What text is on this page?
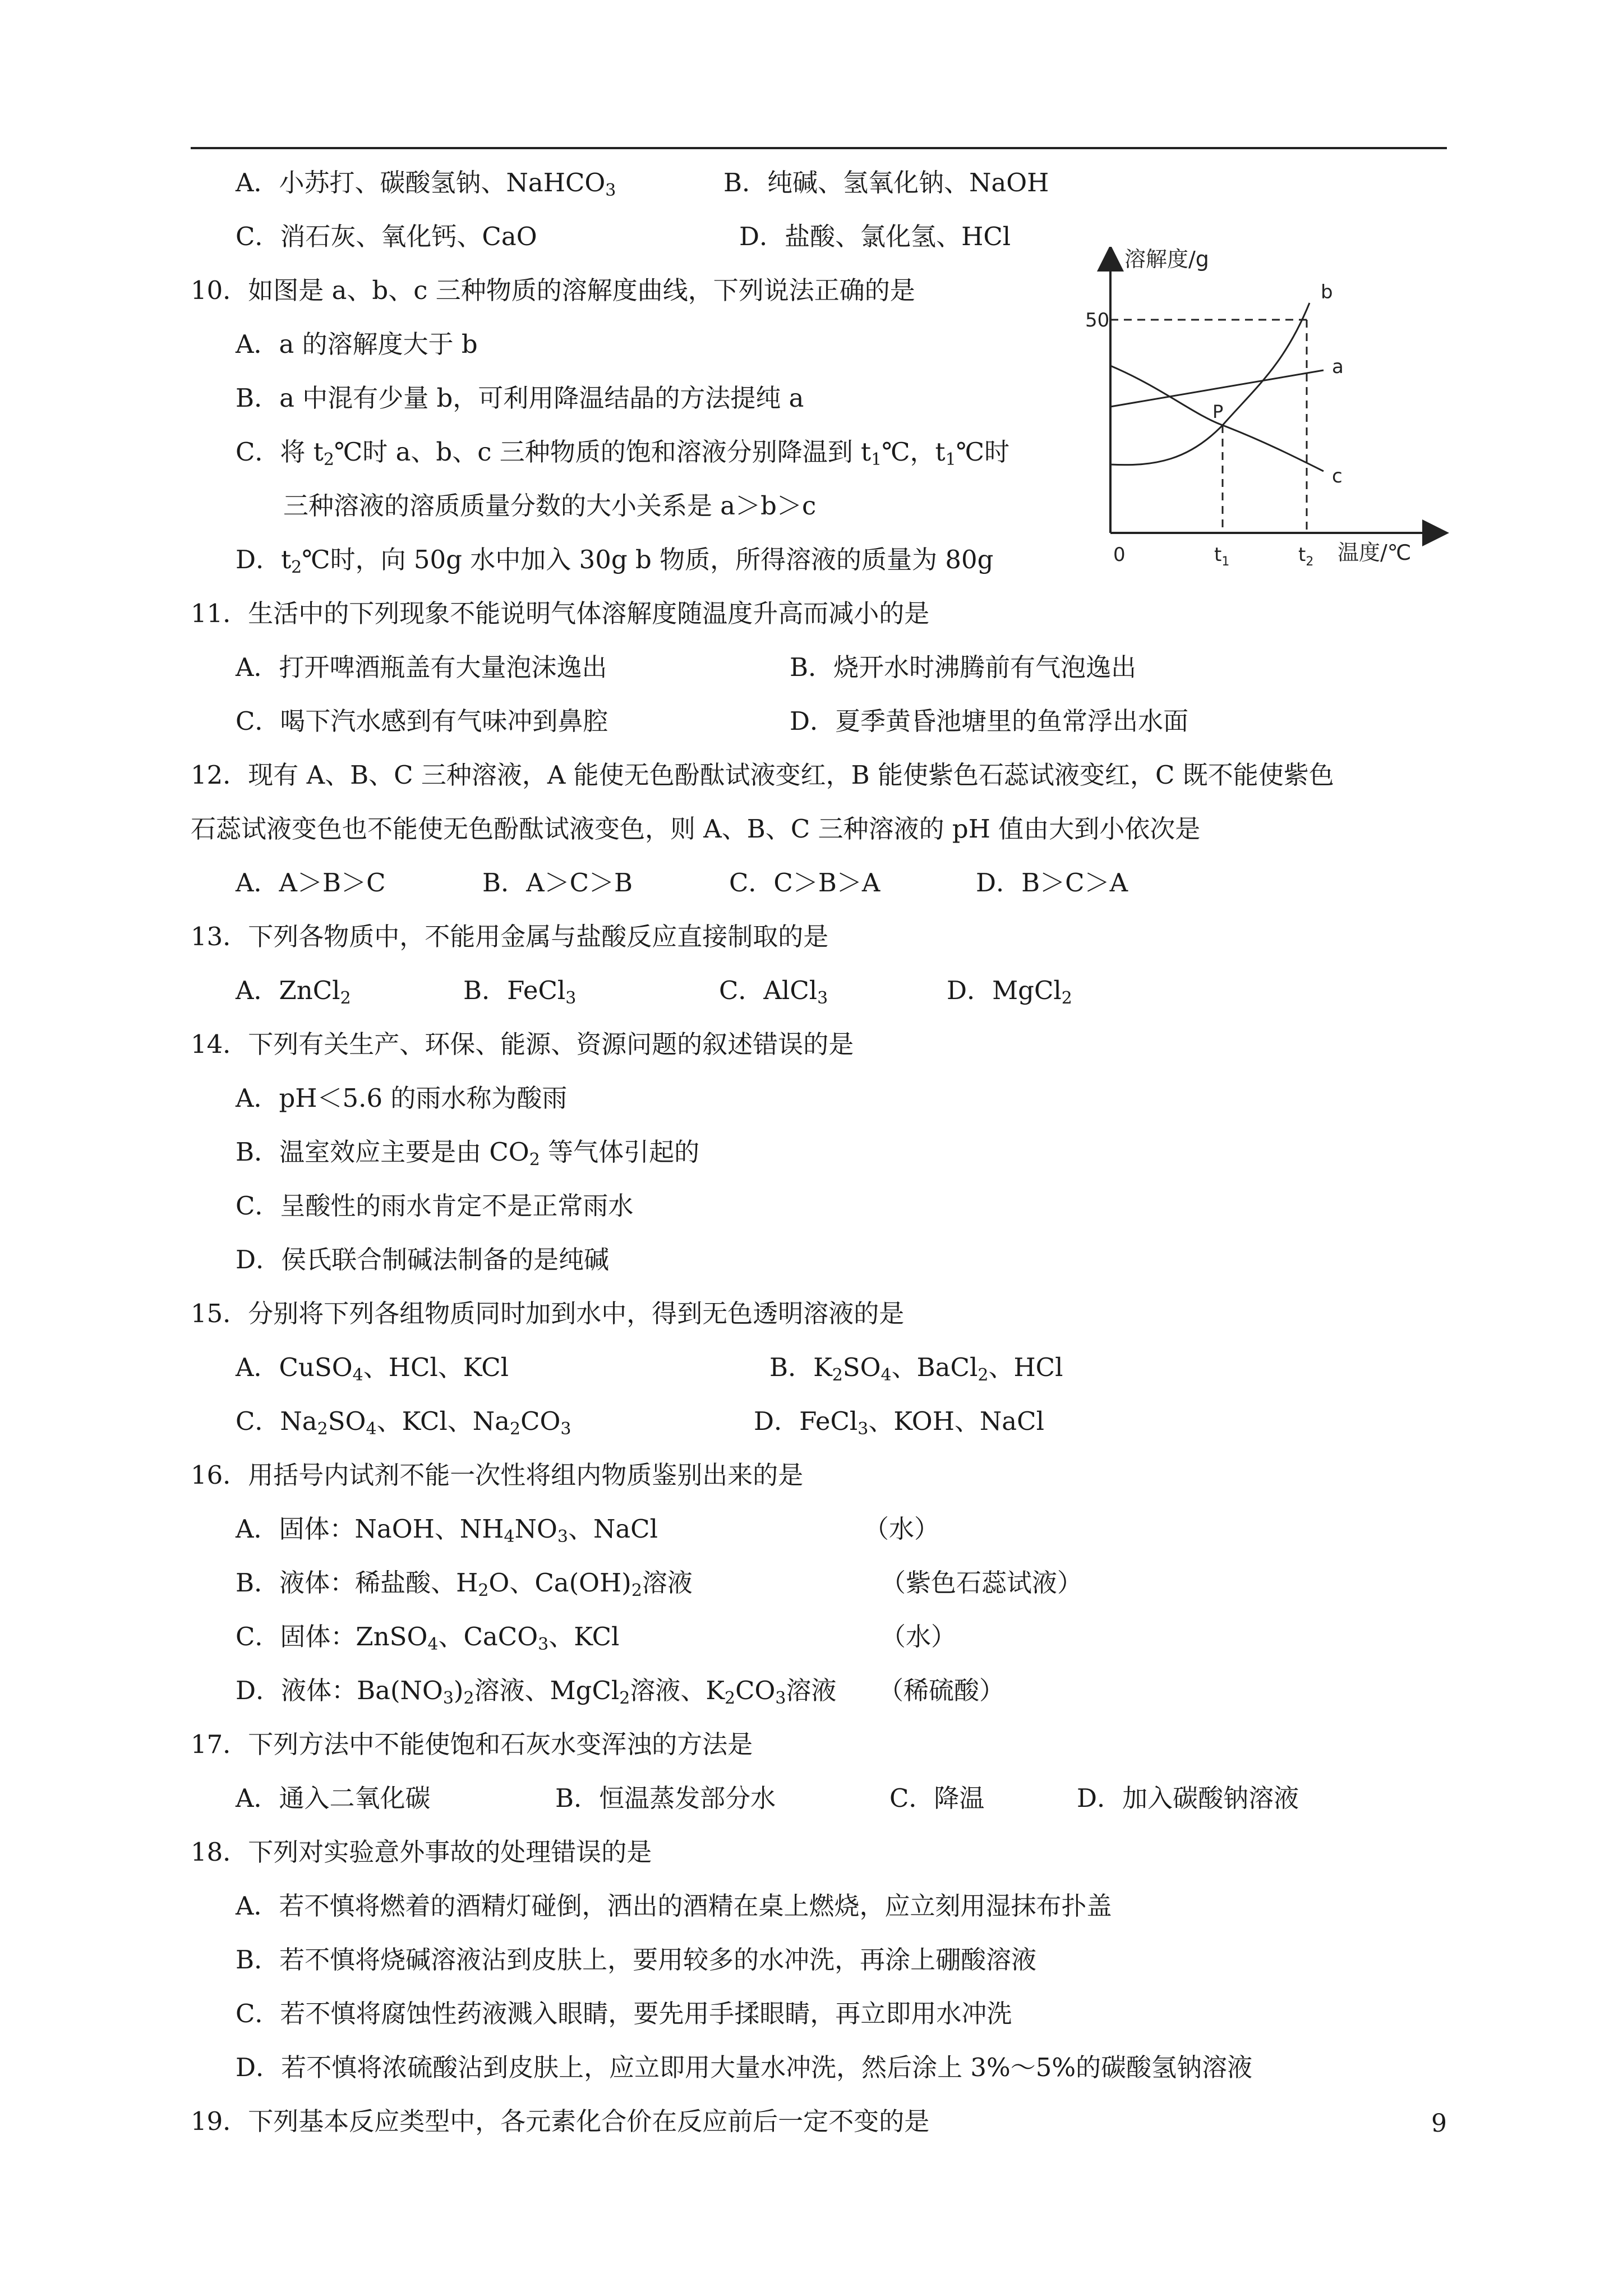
A．小苏打、碳酸氢钠、NaHCO$_3$	B．纯碱、氢氧化钠、NaOH
C．消石灰、氧化钙、CaO	D．盐酸、氯化氢、HCl
10．如图是 a、b、c 三种物质的溶解度曲线，下列说法正确的是
A．a 的溶解度大于 b
B．a 中混有少量 b，可利用降温结晶的方法提纯 a
C．将 $t_2℃$时 a、b、c 三种物质的饱和溶液分别降温到 $t_1℃$，$t_1℃$时
三种溶液的溶质质量分数的大小关系是 a＞b＞c
D．$t_2℃$时，向 50g 水中加入 30g b 物质，所得溶液的质量为 80g
溶解度/g
50
0	$t_1$	$t_2$ 温度/℃
P
a
b
c
11．生活中的下列现象不能说明气体溶解度随温度升高而减小的是
A．打开啤酒瓶盖有大量泡沫逸出	B．烧开水时沸腾前有气泡逸出
C．喝下汽水感到有气味冲到鼻腔	D．夏季黄昏池塘里的鱼常浮出水面
12．现有 A、B、C 三种溶液，A 能使无色酚酞试液变红，B 能使紫色石蕊试液变红，C 既不能使紫色
石蕊试液变色也不能使无色酚酞试液变色，则 A、B、C 三种溶液的 pH 值由大到小依次是
A．A＞B＞C	B．A＞C＞B	C．C＞B＞A	D．B＞C＞A
13．下列各物质中，不能用金属与盐酸反应直接制取的是
A．ZnCl$_2$	B．FeCl$_3$	C．AlCl$_3$	D．MgCl$_2$
14．下列有关生产、环保、能源、资源问题的叙述错误的是
A．pH＜5.6 的雨水称为酸雨
B．温室效应主要是由 $CO_2$ 等气体引起的
C．呈酸性的雨水肯定不是正常雨水
D．侯氏联合制碱法制备的是纯碱
15．分别将下列各组物质同时加到水中，得到无色透明溶液的是
A．CuSO$_4$、HCl、KCl	B．$K_2SO_4$、BaCl$_2$、HCl
C．$Na_2SO_4$、KCl、$Na_2CO_3$	D．FeCl$_3$、KOH、NaCl
16．用括号内试剂不能一次性将组内物质鉴别出来的是
A．固体：NaOH、$NH_4NO_3$、NaCl	（水）
B．液体：稀盐酸、$H_2O$、$Ca(OH)_2$溶液	（紫色石蕊试液）
C．固体：ZnSO$_4$、CaCO$_3$、KCl	（水）
D．液体：$Ba(NO_3)_2$溶液、MgCl$_2$溶液、$K_2CO_3$溶液 （稀硫酸）
17．下列方法中不能使饱和石灰水变浑浊的方法是
A．通入二氧化碳	B．恒温蒸发部分水	C．降温	D．加入碳酸钠溶液
18．下列对实验意外事故的处理错误的是
A．若不慎将燃着的酒精灯碰倒，洒出的酒精在桌上燃烧，应立刻用湿抹布扑盖
B．若不慎将烧碱溶液沾到皮肤上，要用较多的水冲洗，再涂上硼酸溶液
C．若不慎将腐蚀性药液溅入眼睛，要先用手揉眼睛，再立即用水冲洗
D．若不慎将浓硫酸沾到皮肤上，应立即用大量水冲洗，然后涂上 3%～5%的碳酸氢钠溶液
19．下列基本反应类型中，各元素化合价在反应前后一定不变的是	9
